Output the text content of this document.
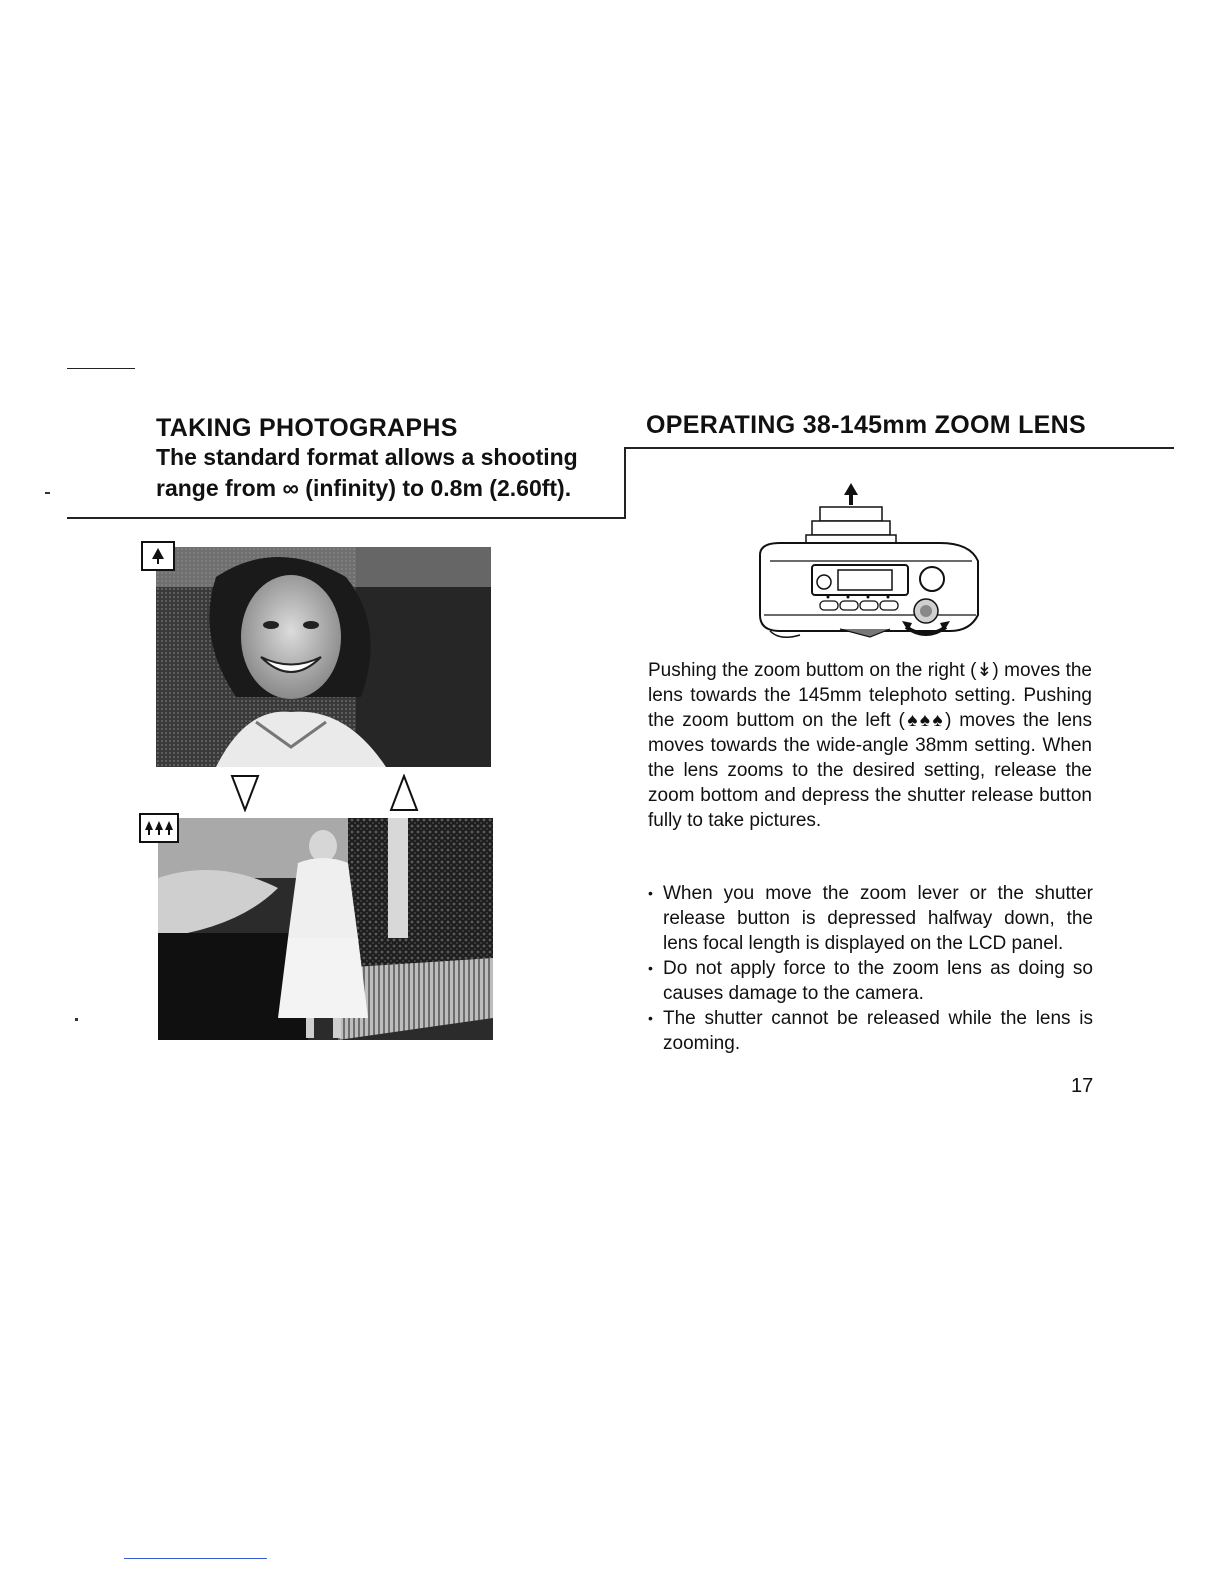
TAKING PHOTOGRAPHS
The standard format allows a shooting
range from ∞ (infinity) to 0.8m (2.60ft).
OPERATING 38-145mm ZOOM LENS
Pushing the zoom buttom on the right (↡) moves the lens towards the 145mm telephoto setting. Pushing the zoom buttom on the left (♠♠♠) moves the lens moves towards the wide-angle 38mm setting. When the lens zooms to the desired setting, release the zoom bottom and depress the shutter release button fully to take pictures.
• When you move the zoom lever or the shutter release button is depressed halfway down, the lens focal length is displayed on the LCD panel.
• Do not apply force to the zoom lens as doing so causes damage to the camera.
• The shutter cannot be released while the lens is zooming.
17
